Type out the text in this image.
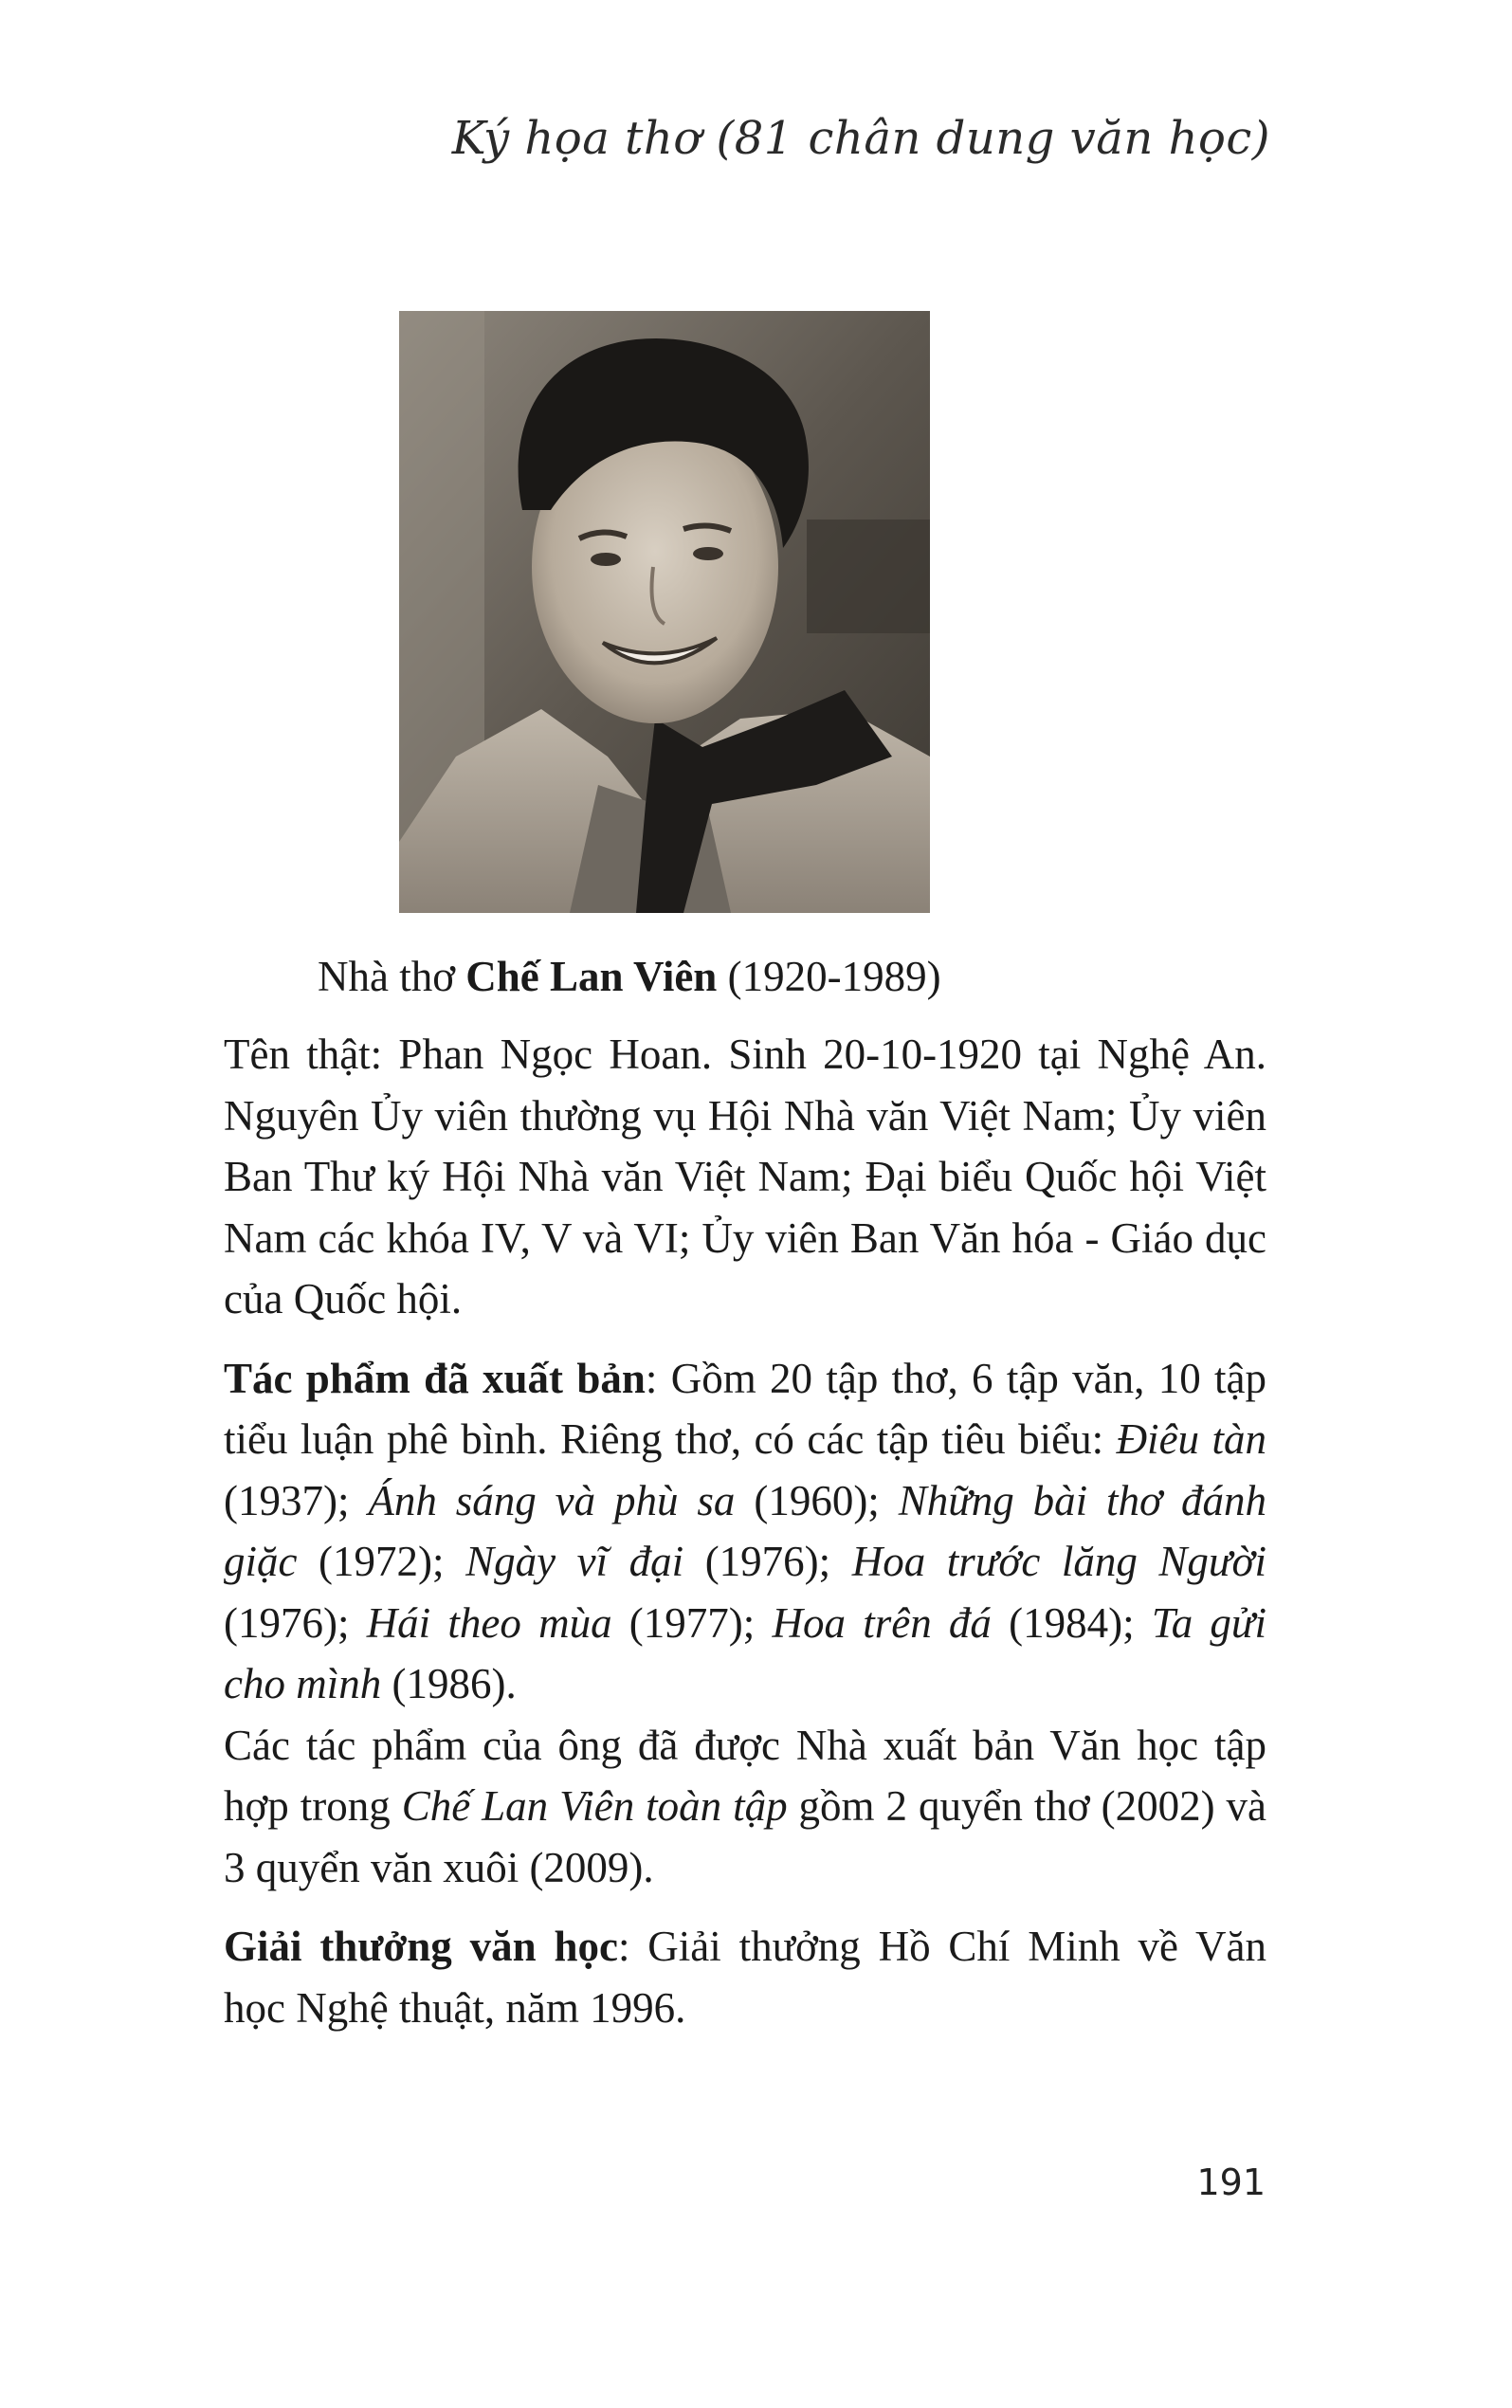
Ký họa thơ (81 chân dung văn học)
Nhà thơ Chế Lan Viên (1920-1989)

Tên thật: Phan Ngọc Hoan. Sinh 20-10-1920 tại Nghệ An. Nguyên Ủy viên thường vụ Hội Nhà văn Việt Nam; Ủy viên Ban Thư ký Hội Nhà văn Việt Nam; Đại biểu Quốc hội Việt Nam các khóa IV, V và VI; Ủy viên Ban Văn hóa - Giáo dục của Quốc hội.

Tác phẩm đã xuất bản: Gồm 20 tập thơ, 6 tập văn, 10 tập tiểu luận phê bình. Riêng thơ, có các tập tiêu biểu: Điêu tàn (1937); Ánh sáng và phù sa (1960); Những bài thơ đánh giặc (1972); Ngày vĩ đại (1976); Hoa trước lăng Người (1976); Hái theo mùa (1977); Hoa trên đá (1984); Ta gửi cho mình (1986).

Các tác phẩm của ông đã được Nhà xuất bản Văn học tập hợp trong Chế Lan Viên toàn tập gồm 2 quyển thơ (2002) và 3 quyển văn xuôi (2009).

Giải thưởng văn học: Giải thưởng Hồ Chí Minh về Văn học Nghệ thuật, năm 1996.

191
